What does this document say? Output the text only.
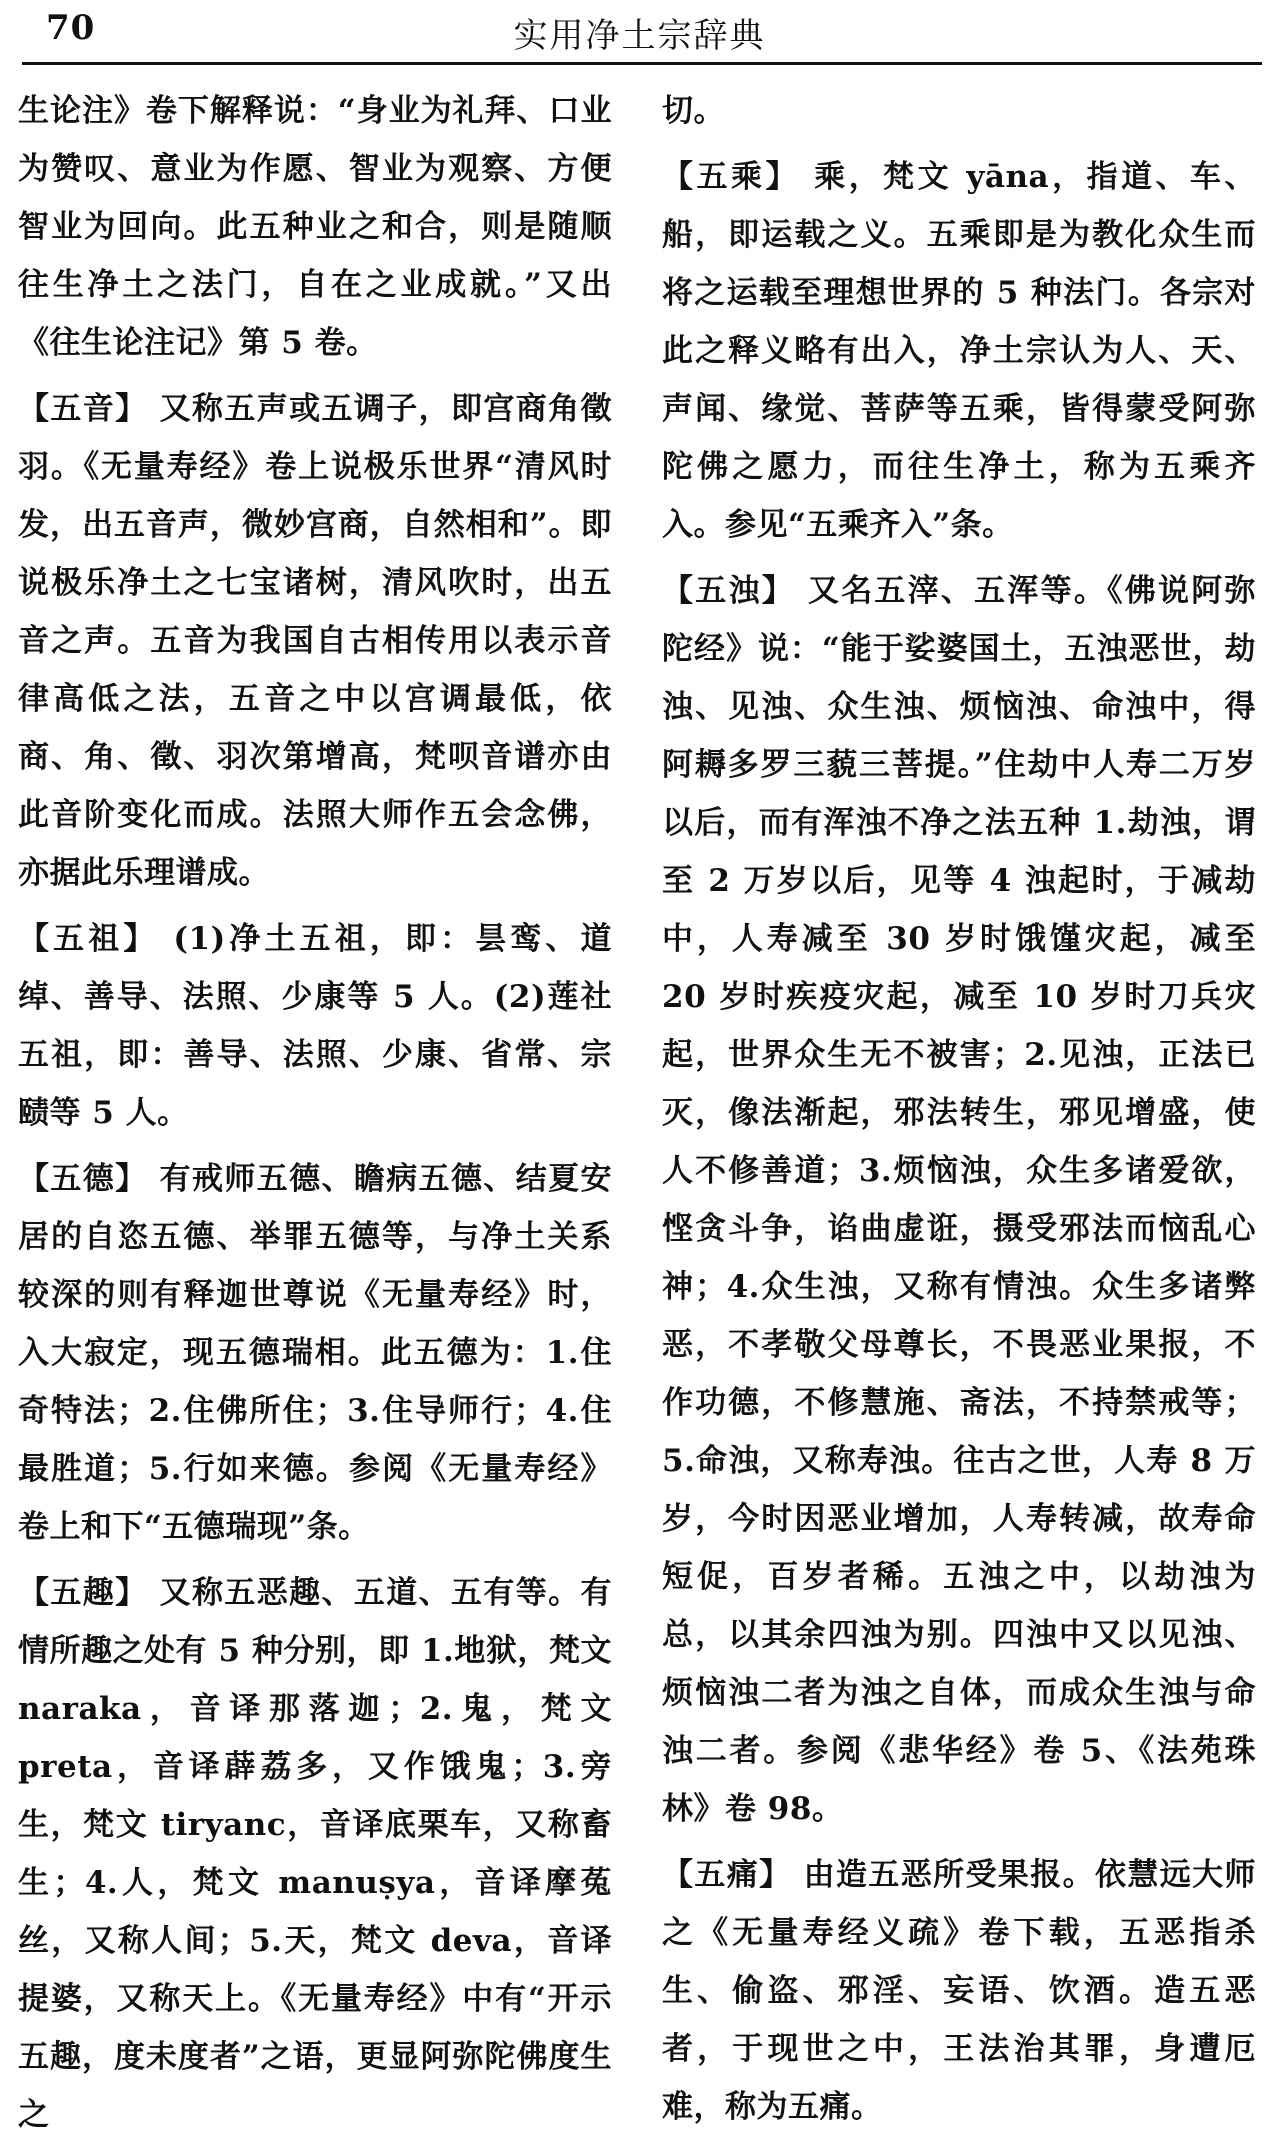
70	实用净土宗辞典

生论注》卷下解释说：“身业为礼拜、口业为赞叹、意业为作愿、智业为观察、方便智业为回向。此五种业之和合，则是随顺往生净土之法门，自在之业成就。”又出《往生论注记》第 5 卷。

【 五音 】 又称五声或五调子，即宫商角徵羽。《无量寿经》卷上说极乐世界“清风时发，出五音声，微妙宫商，自然相和”。即说极乐净土之七宝诸树，清风吹时，出五音之声。五音为我国自古相传用以表示音律高低之法，五音之中以宫调最低，依商、角、徵、羽次第增高，梵呗音谱亦由此音阶变化而成。法照大师作五会念佛，亦据此乐理谱成。

【 五祖 】 (1)净土五祖，即：昙鸾、道绰、善导、法照、少康等 5 人。(2)莲社五祖，即：善导、法照、少康、省常、宗赜等 5 人。

【 五德 】 有戒师五德、瞻病五德、结夏安居的自恣五德、举罪五德等，与净土关系较深的则有释迦世尊说《无量寿经》时，入大寂定，现五德瑞相。此五德为：1.住奇特法；2.住佛所住；3.住导师行；4.住最胜道；5.行如来德。参阅《无量寿经》卷上和下“五德瑞现”条。

【 五趣 】 又称五恶趣、五道、五有等。有情所趣之处有 5 种分别，即 1.地狱，梵文 naraka，音译那落迦；2.鬼，梵文 preta，音译薜荔多，又作饿鬼；3.旁生，梵文 tiryanc，音译底栗车，又称畜生；4.人，梵文 manuṣya，音译摩菟丝，又称人间；5.天，梵文 deva，音译提婆，又称天上。《无量寿经》中有“开示五趣，度未度者”之语，更显阿弥陀佛度生之

切。

【 五乘 】 乘，梵文 yāna，指道、车、船，即运载之义。五乘即是为教化众生而将之运载至理想世界的 5 种法门。各宗对此之释义略有出入，净土宗认为人、天、声闻、缘觉、菩萨等五乘，皆得蒙受阿弥陀佛之愿力，而往生净土，称为五乘齐入。参见“五乘齐入”条。

【 五浊 】 又名五滓、五浑等。《佛说阿弥陀经》说：“能于娑婆国土，五浊恶世，劫浊、见浊、众生浊、烦恼浊、命浊中，得阿耨多罗三藐三菩提。”住劫中人寿二万岁以后，而有浑浊不净之法五种 1.劫浊，谓至 2 万岁以后，见等 4 浊起时，于减劫中，人寿减至 30 岁时饿馑灾起，减至 20 岁时疾疫灾起，减至 10 岁时刀兵灾起，世界众生无不被害；2.见浊，正法已灭，像法渐起，邪法转生，邪见增盛，使人不修善道；3.烦恼浊，众生多诸爱欲，悭贪斗争，谄曲虚诳，摄受邪法而恼乱心神；4.众生浊，又称有情浊。众生多诸弊恶，不孝敬父母尊长，不畏恶业果报，不作功德，不修慧施、斋法，不持禁戒等；5.命浊，又称寿浊。往古之世，人寿 8 万岁，今时因恶业增加，人寿转减，故寿命短促，百岁者稀。五浊之中，以劫浊为总，以其余四浊为别。四浊中又以见浊、烦恼浊二者为浊之自体，而成众生浊与命浊二者。参阅《悲华经》卷 5、《法苑珠林》卷 98。

【 五痛 】 由造五恶所受果报。依慧远大师之《无量寿经义疏》卷下载，五恶指杀生、偷盗、邪淫、妄语、饮酒。造五恶者，于现世之中，王法治其罪，身遭厄难，称为五痛。
